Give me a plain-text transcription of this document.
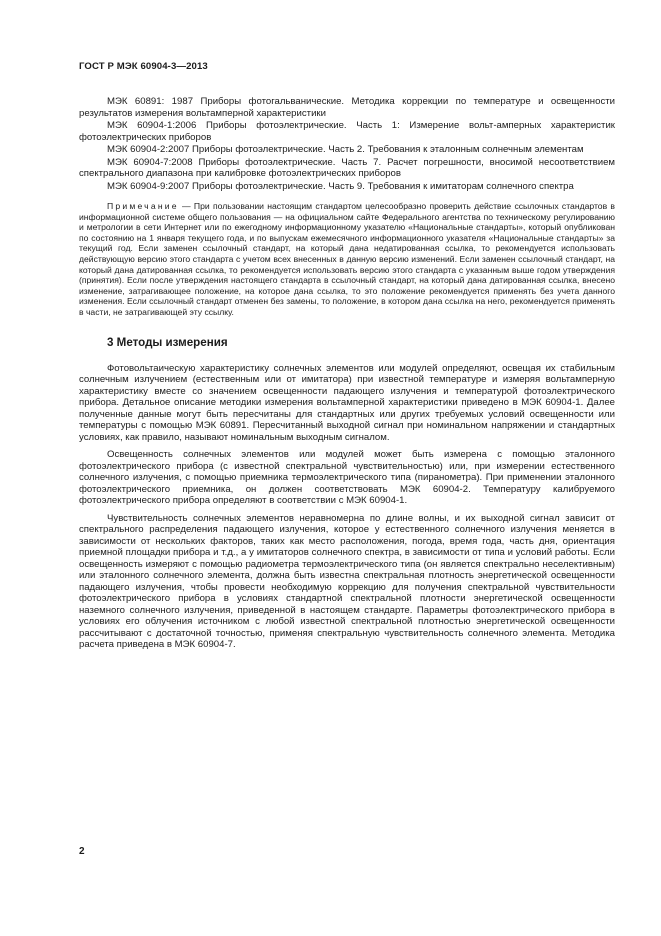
ГОСТ Р МЭК 60904-3—2013

МЭК 60891: 1987 Приборы фотогальванические. Методика коррекции по температуре и освещенности результатов измерения вольтамперной характеристики

МЭК 60904-1:2006 Приборы фотоэлектрические. Часть 1: Измерение вольт-амперных характеристик фотоэлектрических приборов

МЭК 60904-2:2007 Приборы фотоэлектрические. Часть 2. Требования к эталонным солнечным элементам

МЭК 60904-7:2008 Приборы фотоэлектрические. Часть 7. Расчет погрешности, вносимой несоответствием спектрального диапазона при калибровке фотоэлектрических приборов

МЭК 60904-9:2007 Приборы фотоэлектрические. Часть 9. Требования к имитаторам солнечного спектра

Примечание — При пользовании настоящим стандартом целесообразно проверить действие ссылочных стандартов в информационной системе общего пользования — на официальном сайте Федерального агентства по техническому регулированию и метрологии в сети Интернет или по ежегодному информационному указателю «Национальные стандарты», который опубликован по состоянию на 1 января текущего года, и по выпускам ежемесячного информационного указателя «Национальные стандарты» за текущий год. Если заменен ссылочный стандарт, на который дана недатированная ссылка, то рекомендуется использовать действующую версию этого стандарта с учетом всех внесенных в данную версию изменений. Если заменен ссылочный стандарт, на который дана датированная ссылка, то рекомендуется использовать версию этого стандарта с указанным выше годом утверждения (принятия). Если после утверждения настоящего стандарта в ссылочный стандарт, на который дана датированная ссылка, внесено изменение, затрагивающее положение, на которое дана ссылка, то это положение рекомендуется применять без учета данного изменения. Если ссылочный стандарт отменен без замены, то положение, в котором дана ссылка на него, рекомендуется применять в части, не затрагивающей эту ссылку.

3 Методы измерения

Фотовольтаическую характеристику солнечных элементов или модулей определяют, освещая их стабильным солнечным излучением (естественным или от имитатора) при известной температуре и измеряя вольтамперную характеристику вместе со значением освещенности падающего излучения и температурой фотоэлектрического прибора. Детальное описание методики измерения вольтамперной характеристики приведено в МЭК 60904-1. Далее полученные данные могут быть пересчитаны для стандартных или других требуемых условий освещенности или температуры с помощью МЭК 60891. Пересчитанный выходной сигнал при номинальном напряжении и стандартных условиях, как правило, называют номинальным выходным сигналом.

Освещенность солнечных элементов или модулей может быть измерена с помощью эталонного фотоэлектрического прибора (с известной спектральной чувствительностью) или, при измерении естественного солнечного излучения, с помощью приемника термоэлектрического типа (пиранометра). При применении эталонного фотоэлектрического приемника, он должен соответствовать МЭК 60904-2. Температуру калибруемого фотоэлектрического прибора определяют в соответствии с МЭК 60904-1.

Чувствительность солнечных элементов неравномерна по длине волны, и их выходной сигнал зависит от спектрального распределения падающего излучения, которое у естественного солнечного излучения меняется в зависимости от нескольких факторов, таких как место расположения, погода, время года, часть дня, ориентация приемной площадки прибора и т.д., а у имитаторов солнечного спектра, в зависимости от типа и условий работы. Если освещенность измеряют с помощью радиометра термоэлектрического типа (он является спектрально неселективным) или эталонного солнечного элемента, должна быть известна спектральная плотность энергетической освещенности падающего излучения, чтобы провести необходимую коррекцию для получения спектральной чувствительности фотоэлектрического прибора в условиях стандартной спектральной плотности энергетической освещенности наземного солнечного излучения, приведенной в настоящем стандарте. Параметры фотоэлектрического прибора в условиях его облучения источником с любой известной спектральной плотностью энергетической освещенности рассчитывают с достаточной точностью, применяя спектральную чувствительность солнечного элемента. Методика расчета приведена в МЭК 60904-7.

2
